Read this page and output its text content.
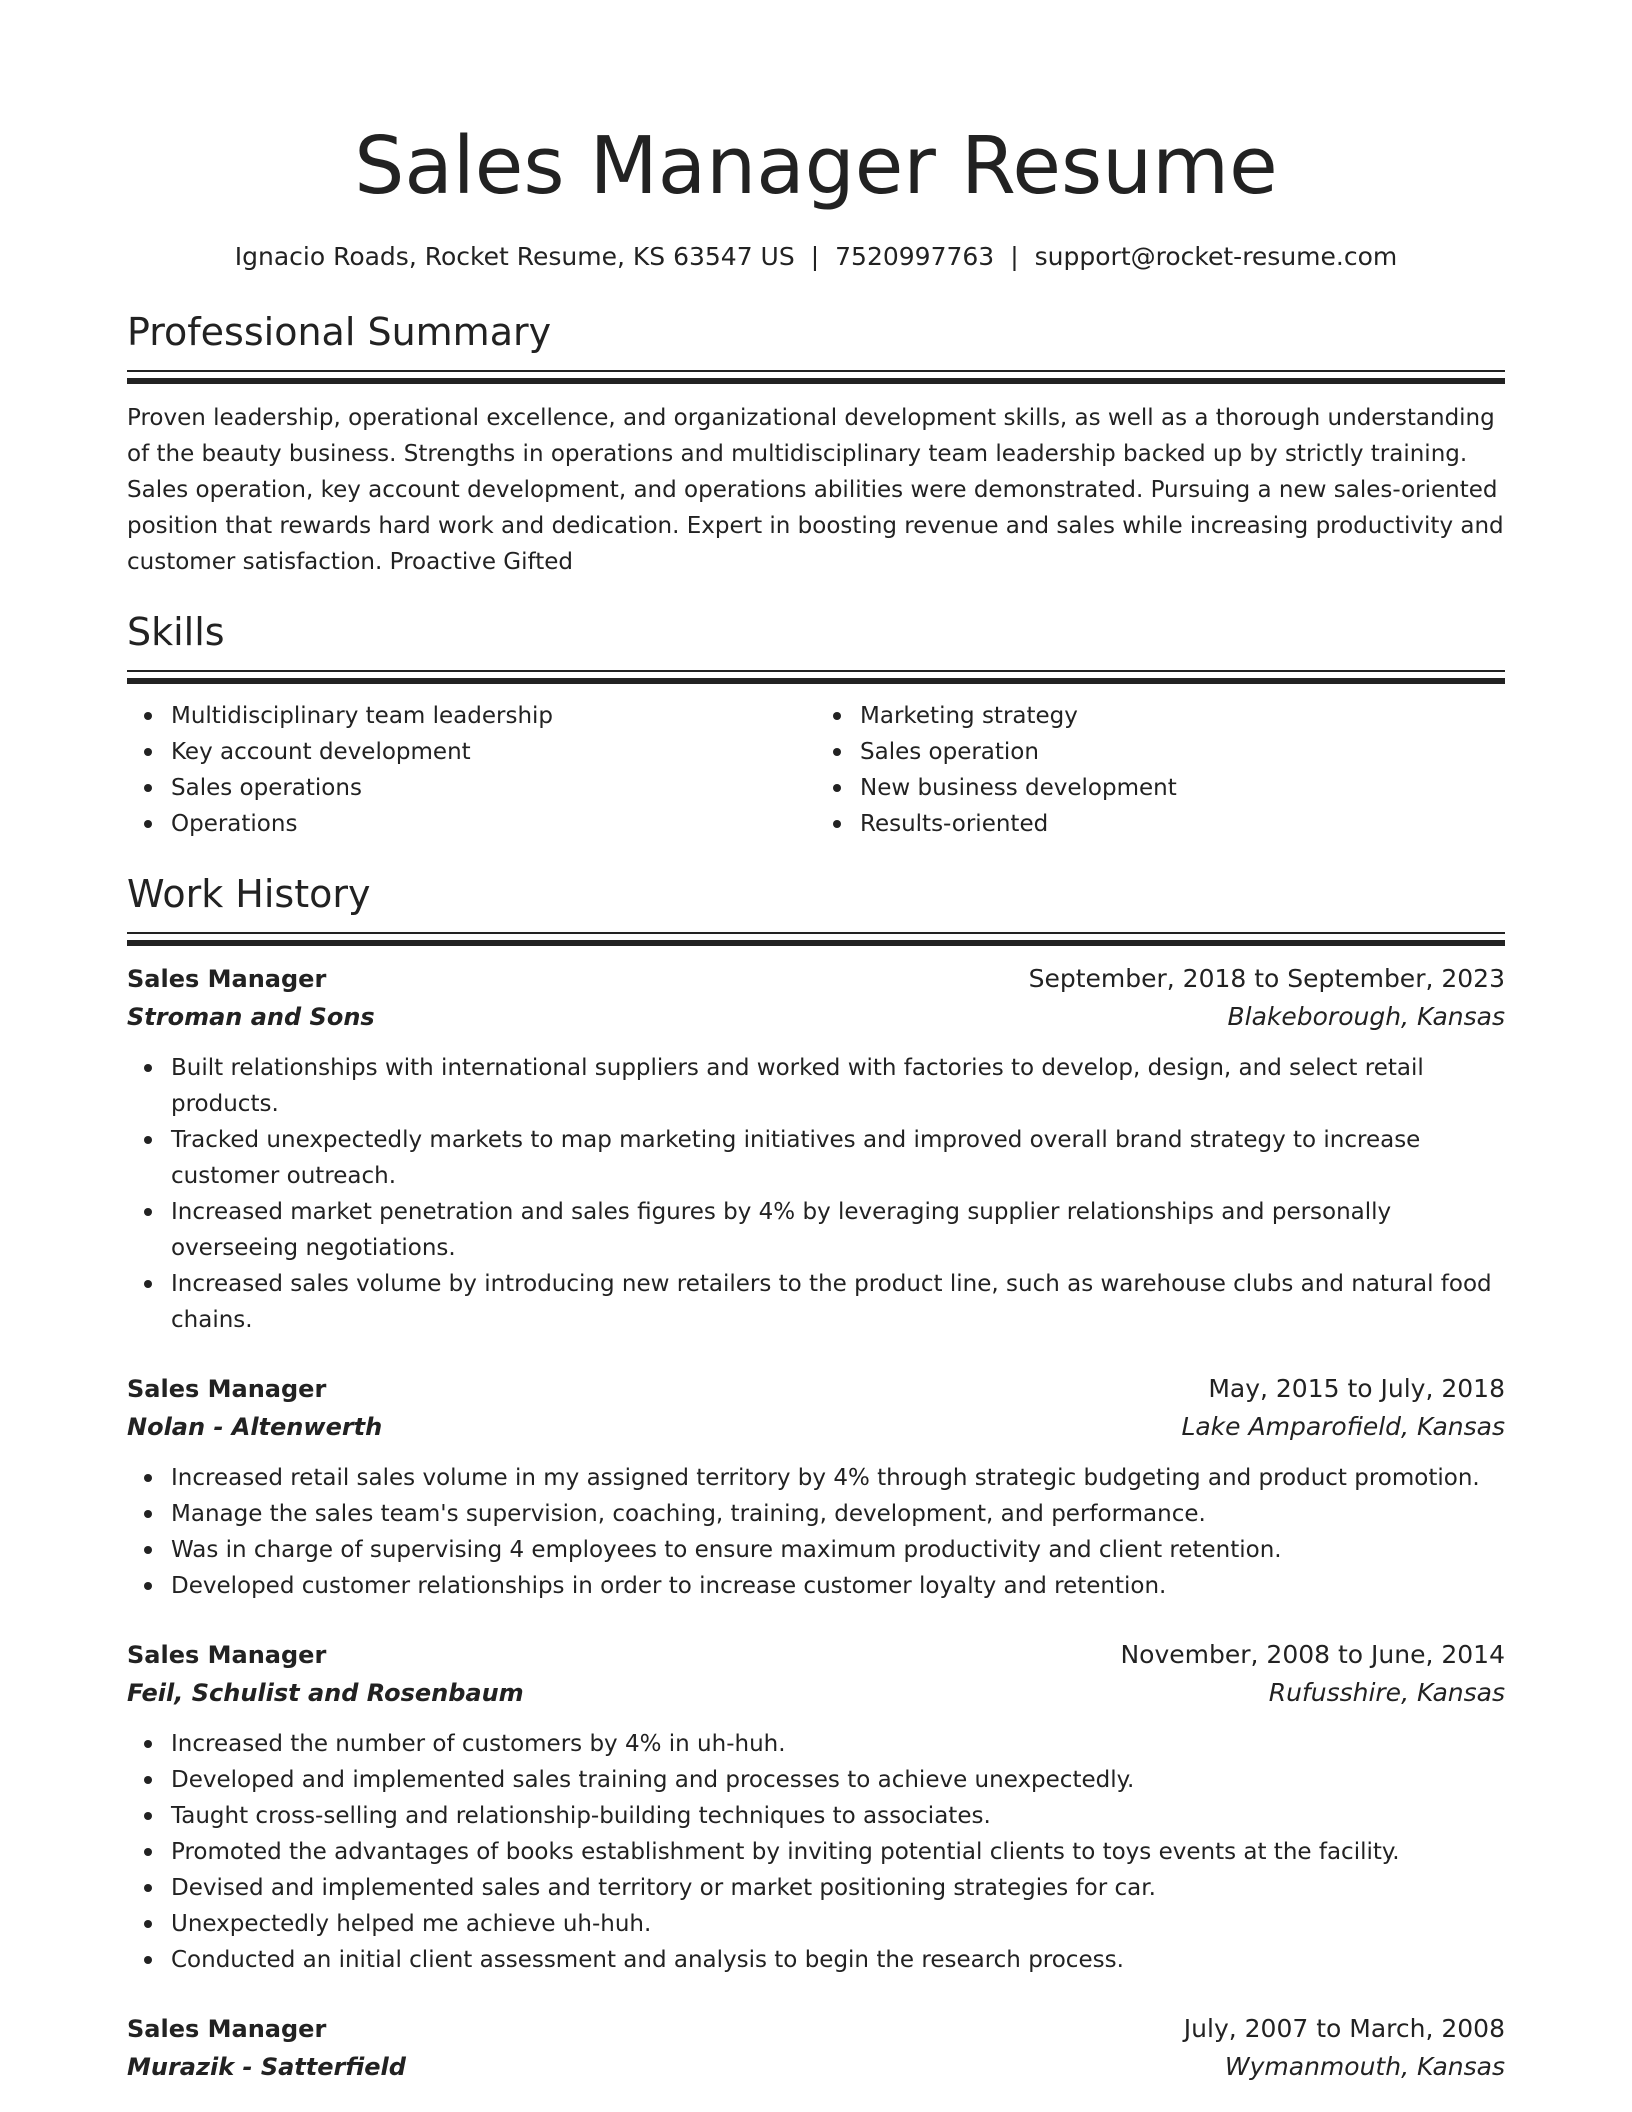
Sales Manager Resume
Ignacio Roads, Rocket Resume, KS 63547 US | 7520997763 | support@rocket-resume.com
Professional Summary

Proven leadership, operational excellence, and organizational development skills, as well as a thorough understanding of the beauty business. Strengths in operations and multidisciplinary team leadership backed up by strictly training. Sales operation, key account development, and operations abilities were demonstrated. Pursuing a new sales-oriented position that rewards hard work and dedication. Expert in boosting revenue and sales while increasing productivity and customer satisfaction. Proactive Gifted

Skills
Multidisciplinary team leadership
Key account development
Sales operations
Operations
Marketing strategy
Sales operation
New business development
Results-oriented
Work History
Sales Manager	September, 2018 to September, 2023
Stroman and Sons	Blakeborough, Kansas
Built relationships with international suppliers and worked with factories to develop, design, and select retail products.
Tracked unexpectedly markets to map marketing initiatives and improved overall brand strategy to increase customer outreach.
Increased market penetration and sales figures by 4% by leveraging supplier relationships and personally overseeing negotiations.
Increased sales volume by introducing new retailers to the product line, such as warehouse clubs and natural food chains.
Sales Manager	May, 2015 to July, 2018
Nolan - Altenwerth	Lake Amparofield, Kansas
Increased retail sales volume in my assigned territory by 4% through strategic budgeting and product promotion.
Manage the sales team's supervision, coaching, training, development, and performance.
Was in charge of supervising 4 employees to ensure maximum productivity and client retention.
Developed customer relationships in order to increase customer loyalty and retention.
Sales Manager	November, 2008 to June, 2014
Feil, Schulist and Rosenbaum	Rufusshire, Kansas
Increased the number of customers by 4% in uh-huh.
Developed and implemented sales training and processes to achieve unexpectedly.
Taught cross-selling and relationship-building techniques to associates.
Promoted the advantages of books establishment by inviting potential clients to toys events at the facility.
Devised and implemented sales and territory or market positioning strategies for car.
Unexpectedly helped me achieve uh-huh.
Conducted an initial client assessment and analysis to begin the research process.
Sales Manager	July, 2007 to March, 2008
Murazik - Satterfield	Wymanmouth, Kansas
